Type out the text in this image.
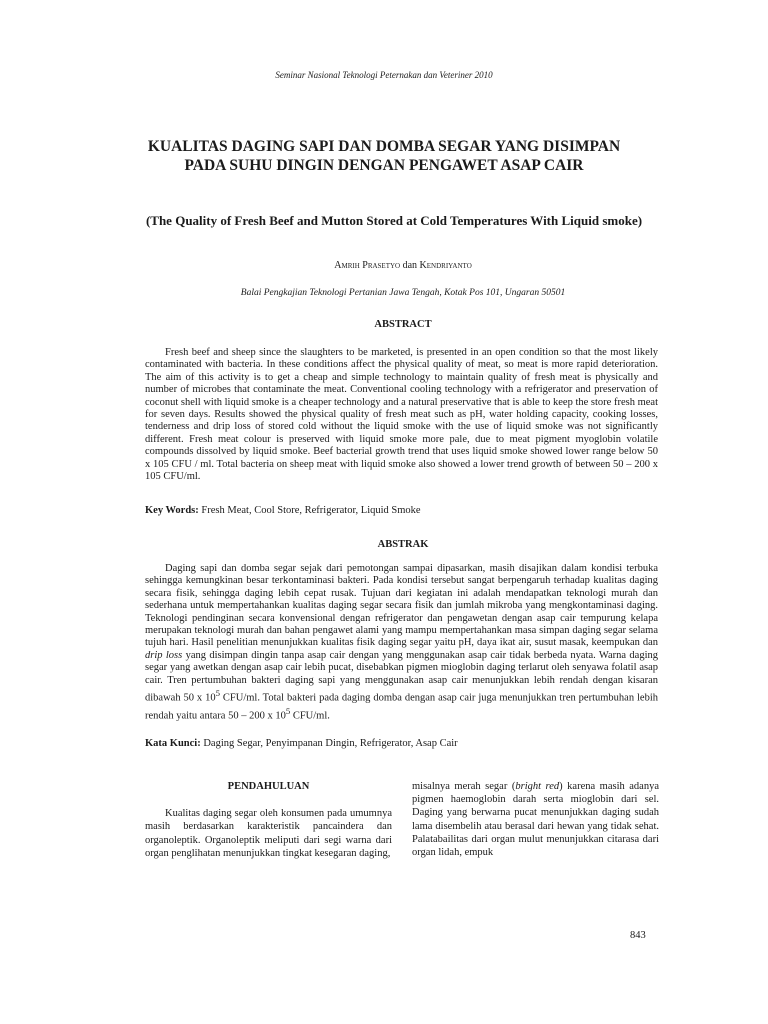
Seminar Nasional Teknologi Peternakan dan Veteriner 2010
KUALITAS DAGING SAPI DAN DOMBA SEGAR YANG DISIMPAN PADA SUHU DINGIN DENGAN PENGAWET ASAP CAIR
(The Quality of Fresh Beef and Mutton Stored at Cold Temperatures With Liquid smoke)
Amrih Prasetyo dan Kendriyanto
Balai Pengkajian Teknologi Pertanian Jawa Tengah, Kotak Pos 101, Ungaran 50501
ABSTRACT
Fresh beef and sheep since the slaughters to be marketed, is presented in an open condition so that the most likely contaminated with bacteria. In these conditions affect the physical quality of meat, so meat is more rapid deterioration. The aim of this activity is to get a cheap and simple technology to maintain quality of fresh meat is physically and number of microbes that contaminate the meat. Conventional cooling technology with a refrigerator and preservation of coconut shell with liquid smoke is a cheaper technology and a natural preservative that is able to keep the store fresh meat for seven days. Results showed the physical quality of fresh meat such as pH, water holding capacity, cooking losses, tenderness and drip loss of stored cold without the liquid smoke with the use of liquid smoke was not significantly different. Fresh meat colour is preserved with liquid smoke more pale, due to meat pigment myoglobin volatile compounds dissolved by liquid smoke. Beef bacterial growth trend that uses liquid smoke showed lower range below 50 x 105 CFU / ml. Total bacteria on sheep meat with liquid smoke also showed a lower trend growth of between 50 – 200 x 105 CFU/ml.
Key Words: Fresh Meat, Cool Store, Refrigerator, Liquid Smoke
ABSTRAK
Daging sapi dan domba segar sejak dari pemotongan sampai dipasarkan, masih disajikan dalam kondisi terbuka sehingga kemungkinan besar terkontaminasi bakteri. Pada kondisi tersebut sangat berpengaruh terhadap kualitas daging secara fisik, sehingga daging lebih cepat rusak. Tujuan dari kegiatan ini adalah mendapatkan teknologi murah dan sederhana untuk mempertahankan kualitas daging segar secara fisik dan jumlah mikroba yang mengkontaminasi daging. Teknologi pendinginan secara konvensional dengan refrigerator dan pengawetan dengan asap cair tempurung kelapa merupakan teknologi murah dan bahan pengawet alami yang mampu mempertahankan masa simpan daging segar selama tujuh hari. Hasil penelitian menunjukkan kualitas fisik daging segar yaitu pH, daya ikat air, susut masak, keempukan dan drip loss yang disimpan dingin tanpa asap cair dengan yang menggunakan asap cair tidak berbeda nyata. Warna daging segar yang awetkan dengan asap cair lebih pucat, disebabkan pigmen mioglobin daging terlarut oleh senyawa folatil asap cair. Tren pertumbuhan bakteri daging sapi yang menggunakan asap cair menunjukkan lebih rendah dengan kisaran dibawah 50 x $10^5$ CFU/ml. Total bakteri pada daging domba dengan asap cair juga menunjukkan tren pertumbuhan lebih rendah yaitu antara 50 – 200 x $10^5$ CFU/ml.
Kata Kunci: Daging Segar, Penyimpanan Dingin, Refrigerator, Asap Cair
PENDAHULUAN

Kualitas daging segar oleh konsumen pada umumnya masih berdasarkan karakteristik pancaindera dan organoleptik. Organoleptik meliputi dari segi warna dari organ penglihatan menunjukkan tingkat kesegaran daging,

misalnya merah segar (bright red) karena masih adanya pigmen haemoglobin darah serta mioglobin dari sel. Daging yang berwarna pucat menunjukkan daging sudah lama disembelih atau berasal dari hewan yang tidak sehat. Palatabailitas dari organ mulut menunjukkan citarasa dari organ lidah, empuk

843
